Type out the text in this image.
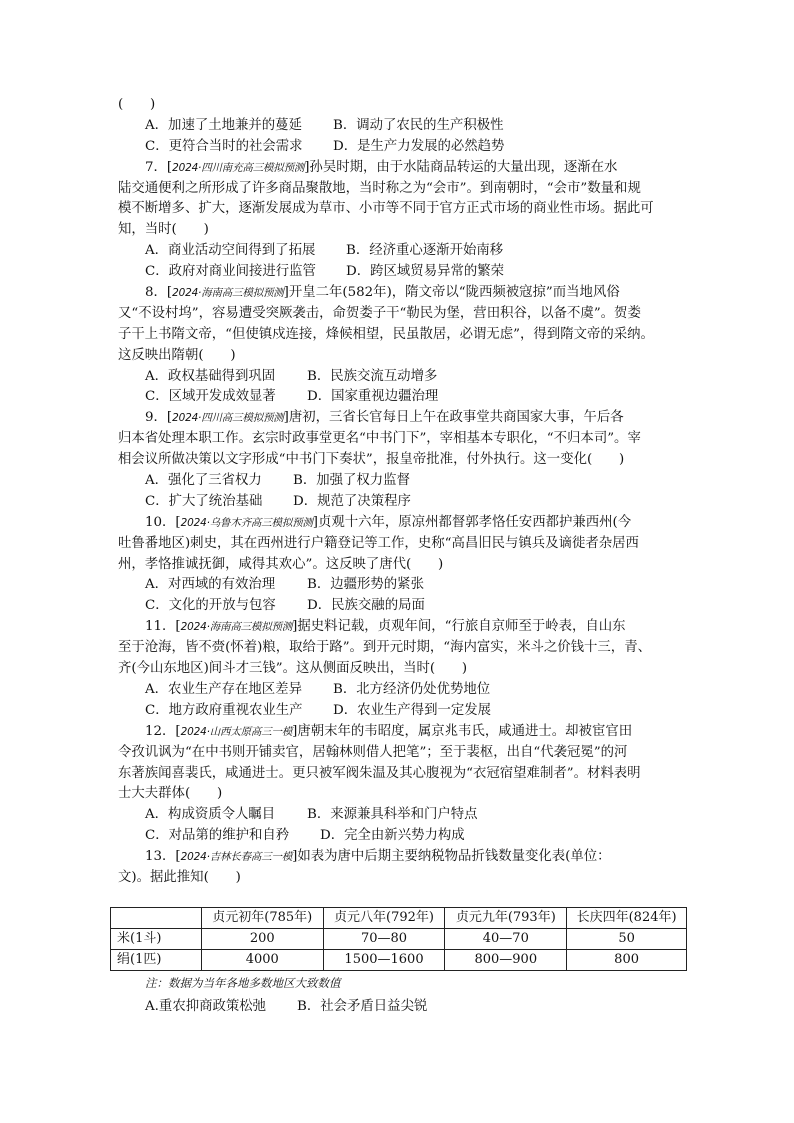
(　　)
A．加速了土地兼并的蔓延 B．调动了农民的生产积极性
C．更符合当时的社会需求 D．是生产力发展的必然趋势
7．[2024·四川南充高三模拟预测]孙吴时期，由于水陆商品转运的大量出现，逐渐在水
陆交通便利之所形成了许多商品聚散地，当时称之为“会市”。到南朝时，“会市”数量和规
模不断增多、扩大，逐渐发展成为草市、小市等不同于官方正式市场的商业性市场。据此可
知，当时(　　)
A．商业活动空间得到了拓展 B．经济重心逐渐开始南移
C．政府对商业间接进行监管 D．跨区域贸易异常的繁荣
8．[2024·海南高三模拟预测]开皇二年(582年)，隋文帝以“陇西频被寇掠”而当地风俗
又“不设村坞”，容易遭受突厥袭击，命贺娄子干“勒民为堡，营田积谷，以备不虞”。贺娄
子干上书隋文帝，“但使镇戍连接，烽候相望，民虽散居，必谓无虑”，得到隋文帝的采纳。
这反映出隋朝(　　)
A．政权基础得到巩固 B．民族交流互动增多
C．区域开发成效显著 D．国家重视边疆治理
9．[2024·四川高三模拟预测]唐初，三省长官每日上午在政事堂共商国家大事，午后各
归本省处理本职工作。玄宗时政事堂更名“中书门下”，宰相基本专职化，“不归本司”。宰
相会议所做决策以文字形成“中书门下奏状”，报皇帝批准，付外执行。这一变化(　　)
A．强化了三省权力 B．加强了权力监督
C．扩大了统治基础 D．规范了决策程序
10．[2024·乌鲁木齐高三模拟预测]贞观十六年，原凉州都督郭孝恪任安西都护兼西州(今
吐鲁番地区)刺史，其在西州进行户籍登记等工作，史称“高昌旧民与镇兵及谪徙者杂居西
州，孝恪推诚抚御，咸得其欢心”。这反映了唐代(　　)
A．对西域的有效治理 B．边疆形势的紧张
C．文化的开放与包容 D．民族交融的局面
11．[2024·海南高三模拟预测]据史料记载，贞观年间，“行旅自京师至于岭表，自山东
至于沧海，皆不赍(怀着)粮，取给于路”。到开元时期，“海内富实，米斗之价钱十三，青、
齐(今山东地区)间斗才三钱”。这从侧面反映出，当时(　　)
A．农业生产存在地区差异 B．北方经济仍处优势地位
C．地方政府重视农业生产 D．农业生产得到一定发展
12．[2024·山西太原高三一模]唐朝末年的韦昭度，属京兆韦氏，咸通进士。却被宦官田
令孜讥讽为“在中书则开铺卖官，居翰林则借人把笔”；至于裴枢，出自“代袭冠冕”的河
东著族闻喜裴氏，咸通进士。更只被军阀朱温及其心腹视为“衣冠宿望难制者”。材料表明
士大夫群体(　　)
A．构成资质令人瞩目 B．来源兼具科举和门户特点
C．对品第的维护和自矜 D．完全由新兴势力构成
13．[2024·吉林长春高三一模]如表为唐中后期主要纳税物品折钱数量变化表(单位：
文)。据此推知(　　)
	贞元初年(785年)	贞元八年(792年)	贞元九年(793年)	长庆四年(824年)
米(1斗)	200	70—80	40—70	50
绢(1匹)	4000	1500—1600	800—900	800
注：数据为当年各地多数地区大致数值
A.重农抑商政策松弛 B．社会矛盾日益尖锐
